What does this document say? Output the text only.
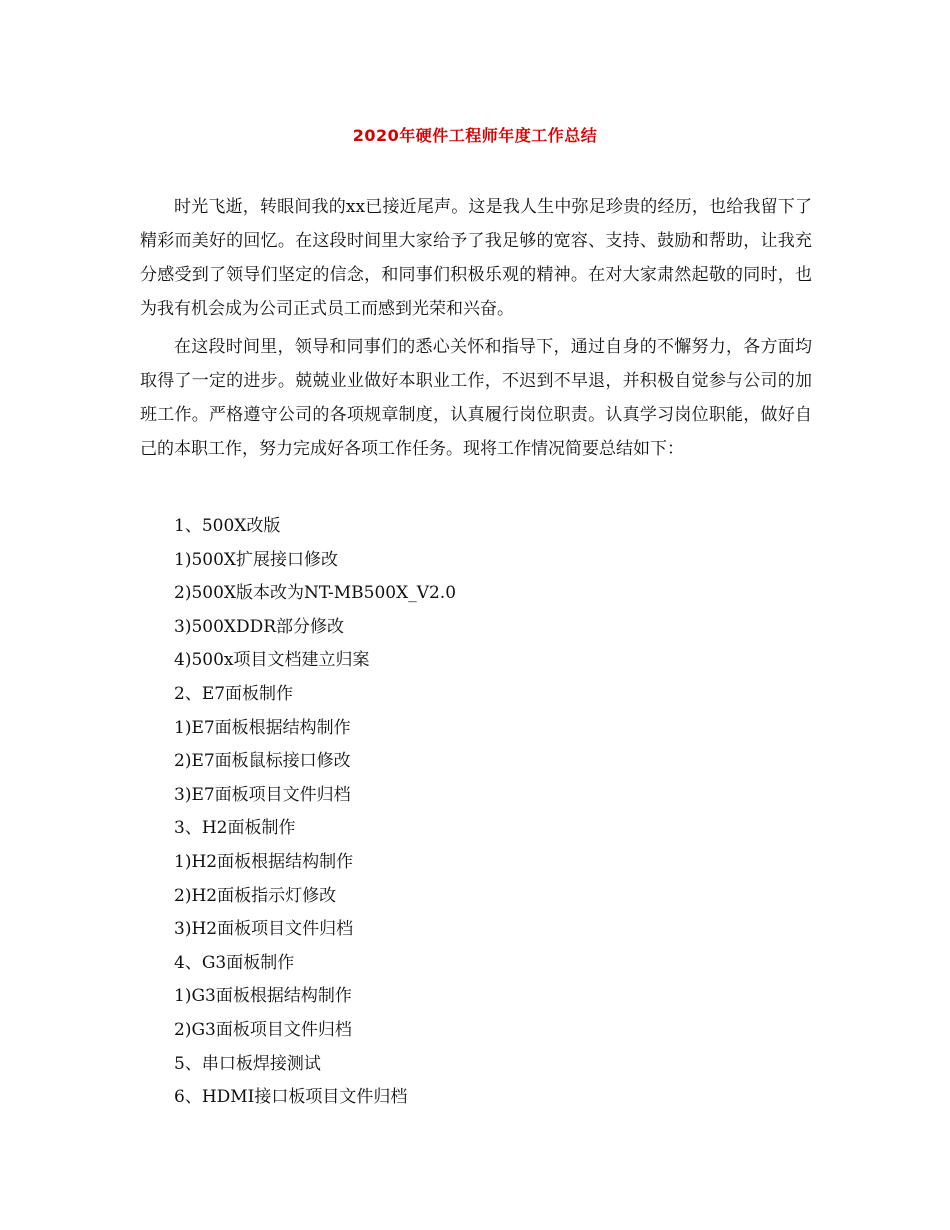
2020年硬件工程师年度工作总结

时光飞逝，转眼间我的xx已接近尾声。这是我人生中弥足珍贵的经历，也给我留下了精彩而美好的回忆。在这段时间里大家给予了我足够的宽容、支持、鼓励和帮助，让我充分感受到了领导们坚定的信念，和同事们积极乐观的精神。在对大家肃然起敬的同时，也为我有机会成为公司正式员工而感到光荣和兴奋。

在这段时间里，领导和同事们的悉心关怀和指导下，通过自身的不懈努力，各方面均取得了一定的进步。兢兢业业做好本职业工作，不迟到不早退，并积极自觉参与公司的加班工作。严格遵守公司的各项规章制度，认真履行岗位职责。认真学习岗位职能，做好自己的本职工作，努力完成好各项工作任务。现将工作情况简要总结如下：

1、500X改版
1)500X扩展接口修改
2)500X版本改为NT-MB500X_V2.0
3)500XDDR部分修改
4)500x项目文档建立归案
2、E7面板制作
1)E7面板根据结构制作
2)E7面板鼠标接口修改
3)E7面板项目文件归档
3、H2面板制作
1)H2面板根据结构制作
2)H2面板指示灯修改
3)H2面板项目文件归档
4、G3面板制作
1)G3面板根据结构制作
2)G3面板项目文件归档
5、串口板焊接测试
6、HDMI接口板项目文件归档
